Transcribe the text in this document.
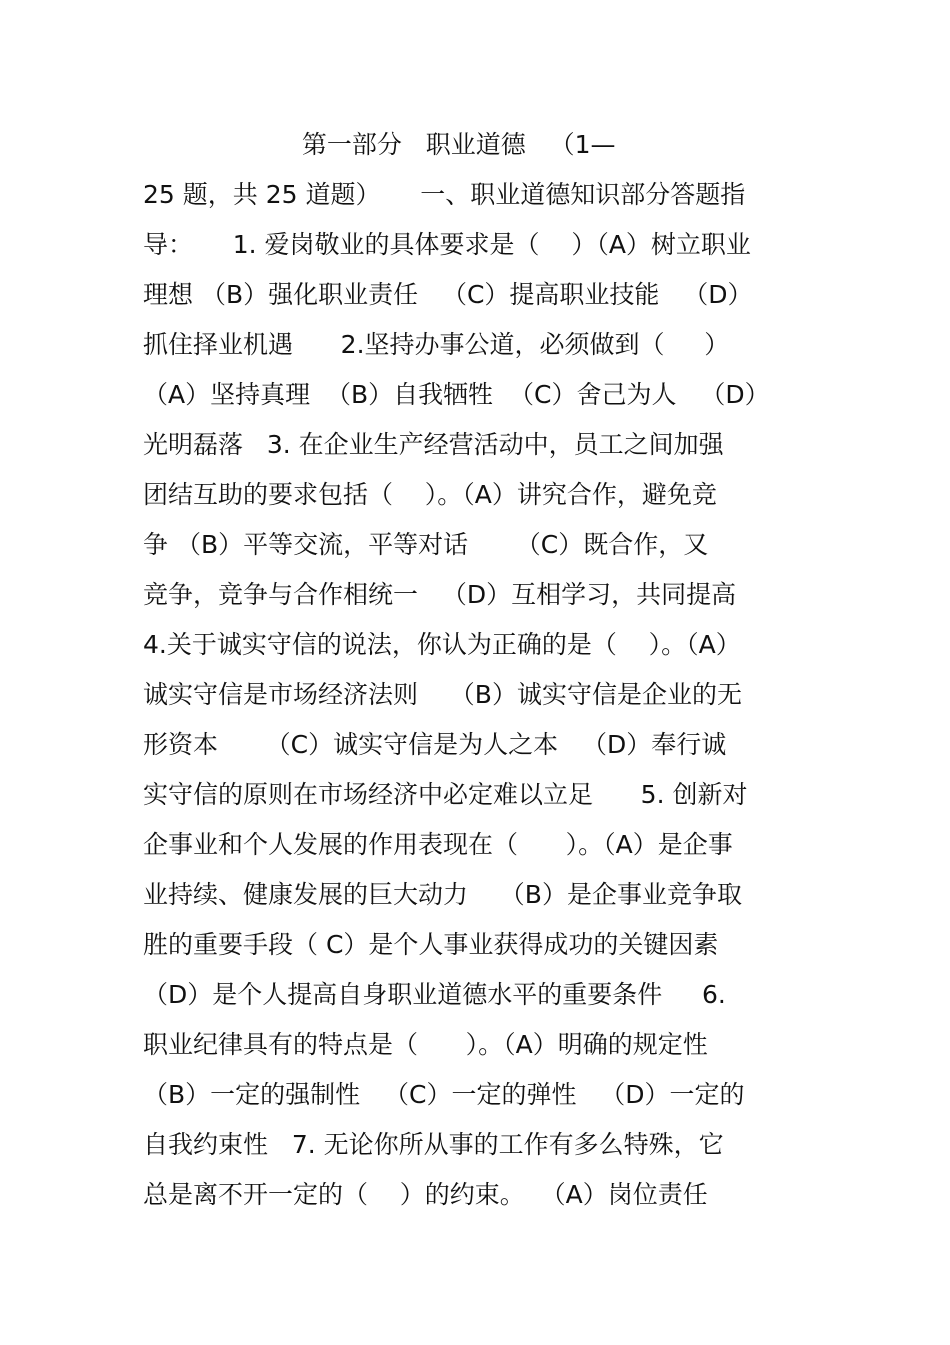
第一部分   职业道德   （1—
25 题，共 25 道题）     一、职业道德知识部分答题指
导：     1. 爱岗敬业的具体要求是（    ）（A）树立职业
理想 （B）强化职业责任   （C）提高职业技能   （D）
抓住择业机遇      2.坚持办事公道，必须做到（     ）
（A）坚持真理  （B）自我牺牲  （C）舍己为人   （D）
光明磊落   3. 在企业生产经营活动中，员工之间加强
团结互助的要求包括（    ）。（A）讲究合作，避免竞
争 （B）平等交流，平等对话      （C）既合作，又
竞争，竞争与合作相统一   （D）互相学习，共同提高
4.关于诚实守信的说法，你认为正确的是（    ）。（A）
诚实守信是市场经济法则    （B）诚实守信是企业的无
形资本      （C）诚实守信是为人之本   （D）奉行诚
实守信的原则在市场经济中必定难以立足      5. 创新对
企事业和个人发展的作用表现在（      ）。（A）是企事
业持续、健康发展的巨大动力    （B）是企事业竞争取
胜的重要手段（ C）是个人事业获得成功的关键因素
（D）是个人提高自身职业道德水平的重要条件     6.
职业纪律具有的特点是（      ）。（A）明确的规定性
（B）一定的强制性   （C）一定的弹性   （D）一定的
自我约束性   7. 无论你所从事的工作有多么特殊，它
总是离不开一定的（    ）的约束。  （A）岗位责任
